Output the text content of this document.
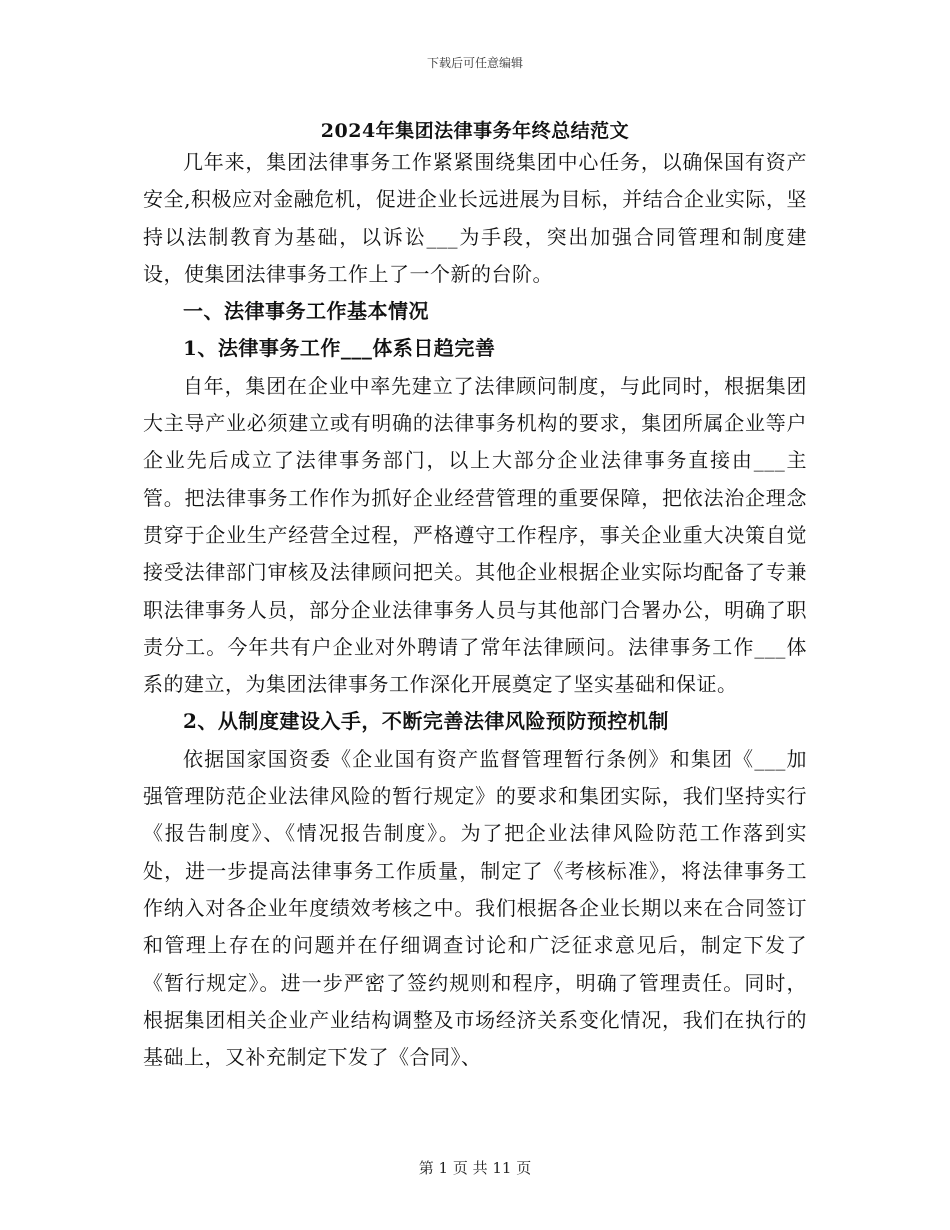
下载后可任意编辑
2024年集团法律事务年终总结范文

几年来，集团法律事务工作紧紧围绕集团中心任务，以确保国有资产安全,积极应对金融危机，促进企业长远进展为目标，并结合企业实际，坚持以法制教育为基础，以诉讼___为手段，突出加强合同管理和制度建设，使集团法律事务工作上了一个新的台阶。

一、法律事务工作基本情况

1、法律事务工作___体系日趋完善

自年，集团在企业中率先建立了法律顾问制度，与此同时，根据集团大主导产业必须建立或有明确的法律事务机构的要求，集团所属企业等户企业先后成立了法律事务部门，以上大部分企业法律事务直接由___主管。把法律事务工作作为抓好企业经营管理的重要保障，把依法治企理念贯穿于企业生产经营全过程，严格遵守工作程序，事关企业重大决策自觉接受法律部门审核及法律顾问把关。其他企业根据企业实际均配备了专兼职法律事务人员，部分企业法律事务人员与其他部门合署办公，明确了职责分工。今年共有户企业对外聘请了常年法律顾问。法律事务工作___体系的建立，为集团法律事务工作深化开展奠定了坚实基础和保证。

2、从制度建设入手，不断完善法律风险预防预控机制

依据国家国资委《企业国有资产监督管理暂行条例》和集团《___加强管理防范企业法律风险的暂行规定》的要求和集团实际，我们坚持实行《报告制度》、《情况报告制度》。为了把企业法律风险防范工作落到实处，进一步提高法律事务工作质量，制定了《考核标准》，将法律事务工作纳入对各企业年度绩效考核之中。我们根据各企业长期以来在合同签订和管理上存在的问题并在仔细调查讨论和广泛征求意见后，制定下发了《暂行规定》。进一步严密了签约规则和程序，明确了管理责任。同时，根据集团相关企业产业结构调整及市场经济关系变化情况，我们在执行的基础上，又补充制定下发了《合同》、

第 1 页 共 11 页
